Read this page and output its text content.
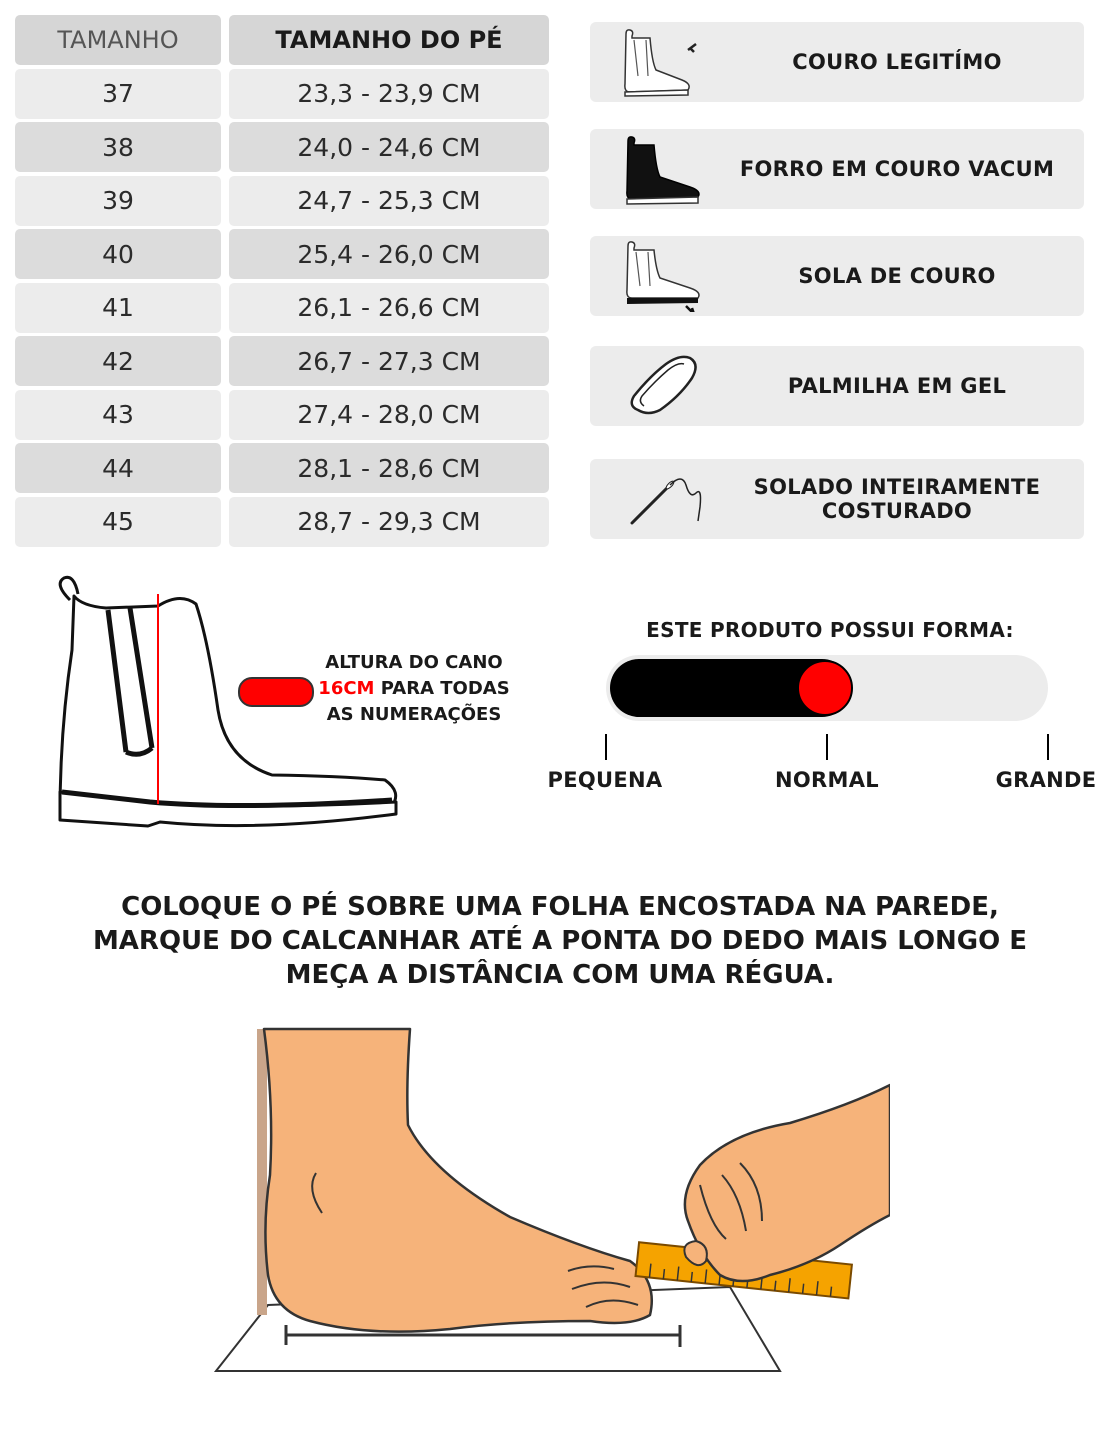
TAMANHO	TAMANHO DO PÉ
37	23,3 - 23,9 CM
38	24,0 - 24,6 CM
39	24,7 - 25,3 CM
40	25,4 - 26,0 CM
41	26,1 - 26,6 CM
42	26,7 - 27,3 CM
43	27,4 - 28,0 CM
44	28,1 - 28,6 CM
45	28,7 - 29,3 CM
COURO LEGITÍMO
FORRO EM COURO VACUM
SOLA DE COURO
PALMILHA EM GEL
SOLADO INTEIRAMENTE COSTURADO
ALTURA DO CANO
16CM PARA TODAS
AS NUMERAÇÕES
ESTE PRODUTO POSSUI FORMA:
PEQUENA	NORMAL	GRANDE
COLOQUE O PÉ SOBRE UMA FOLHA ENCOSTADA NA PAREDE,
MARQUE DO CALCANHAR ATÉ A PONTA DO DEDO MAIS LONGO E
MEÇA A DISTÂNCIA COM UMA RÉGUA.
